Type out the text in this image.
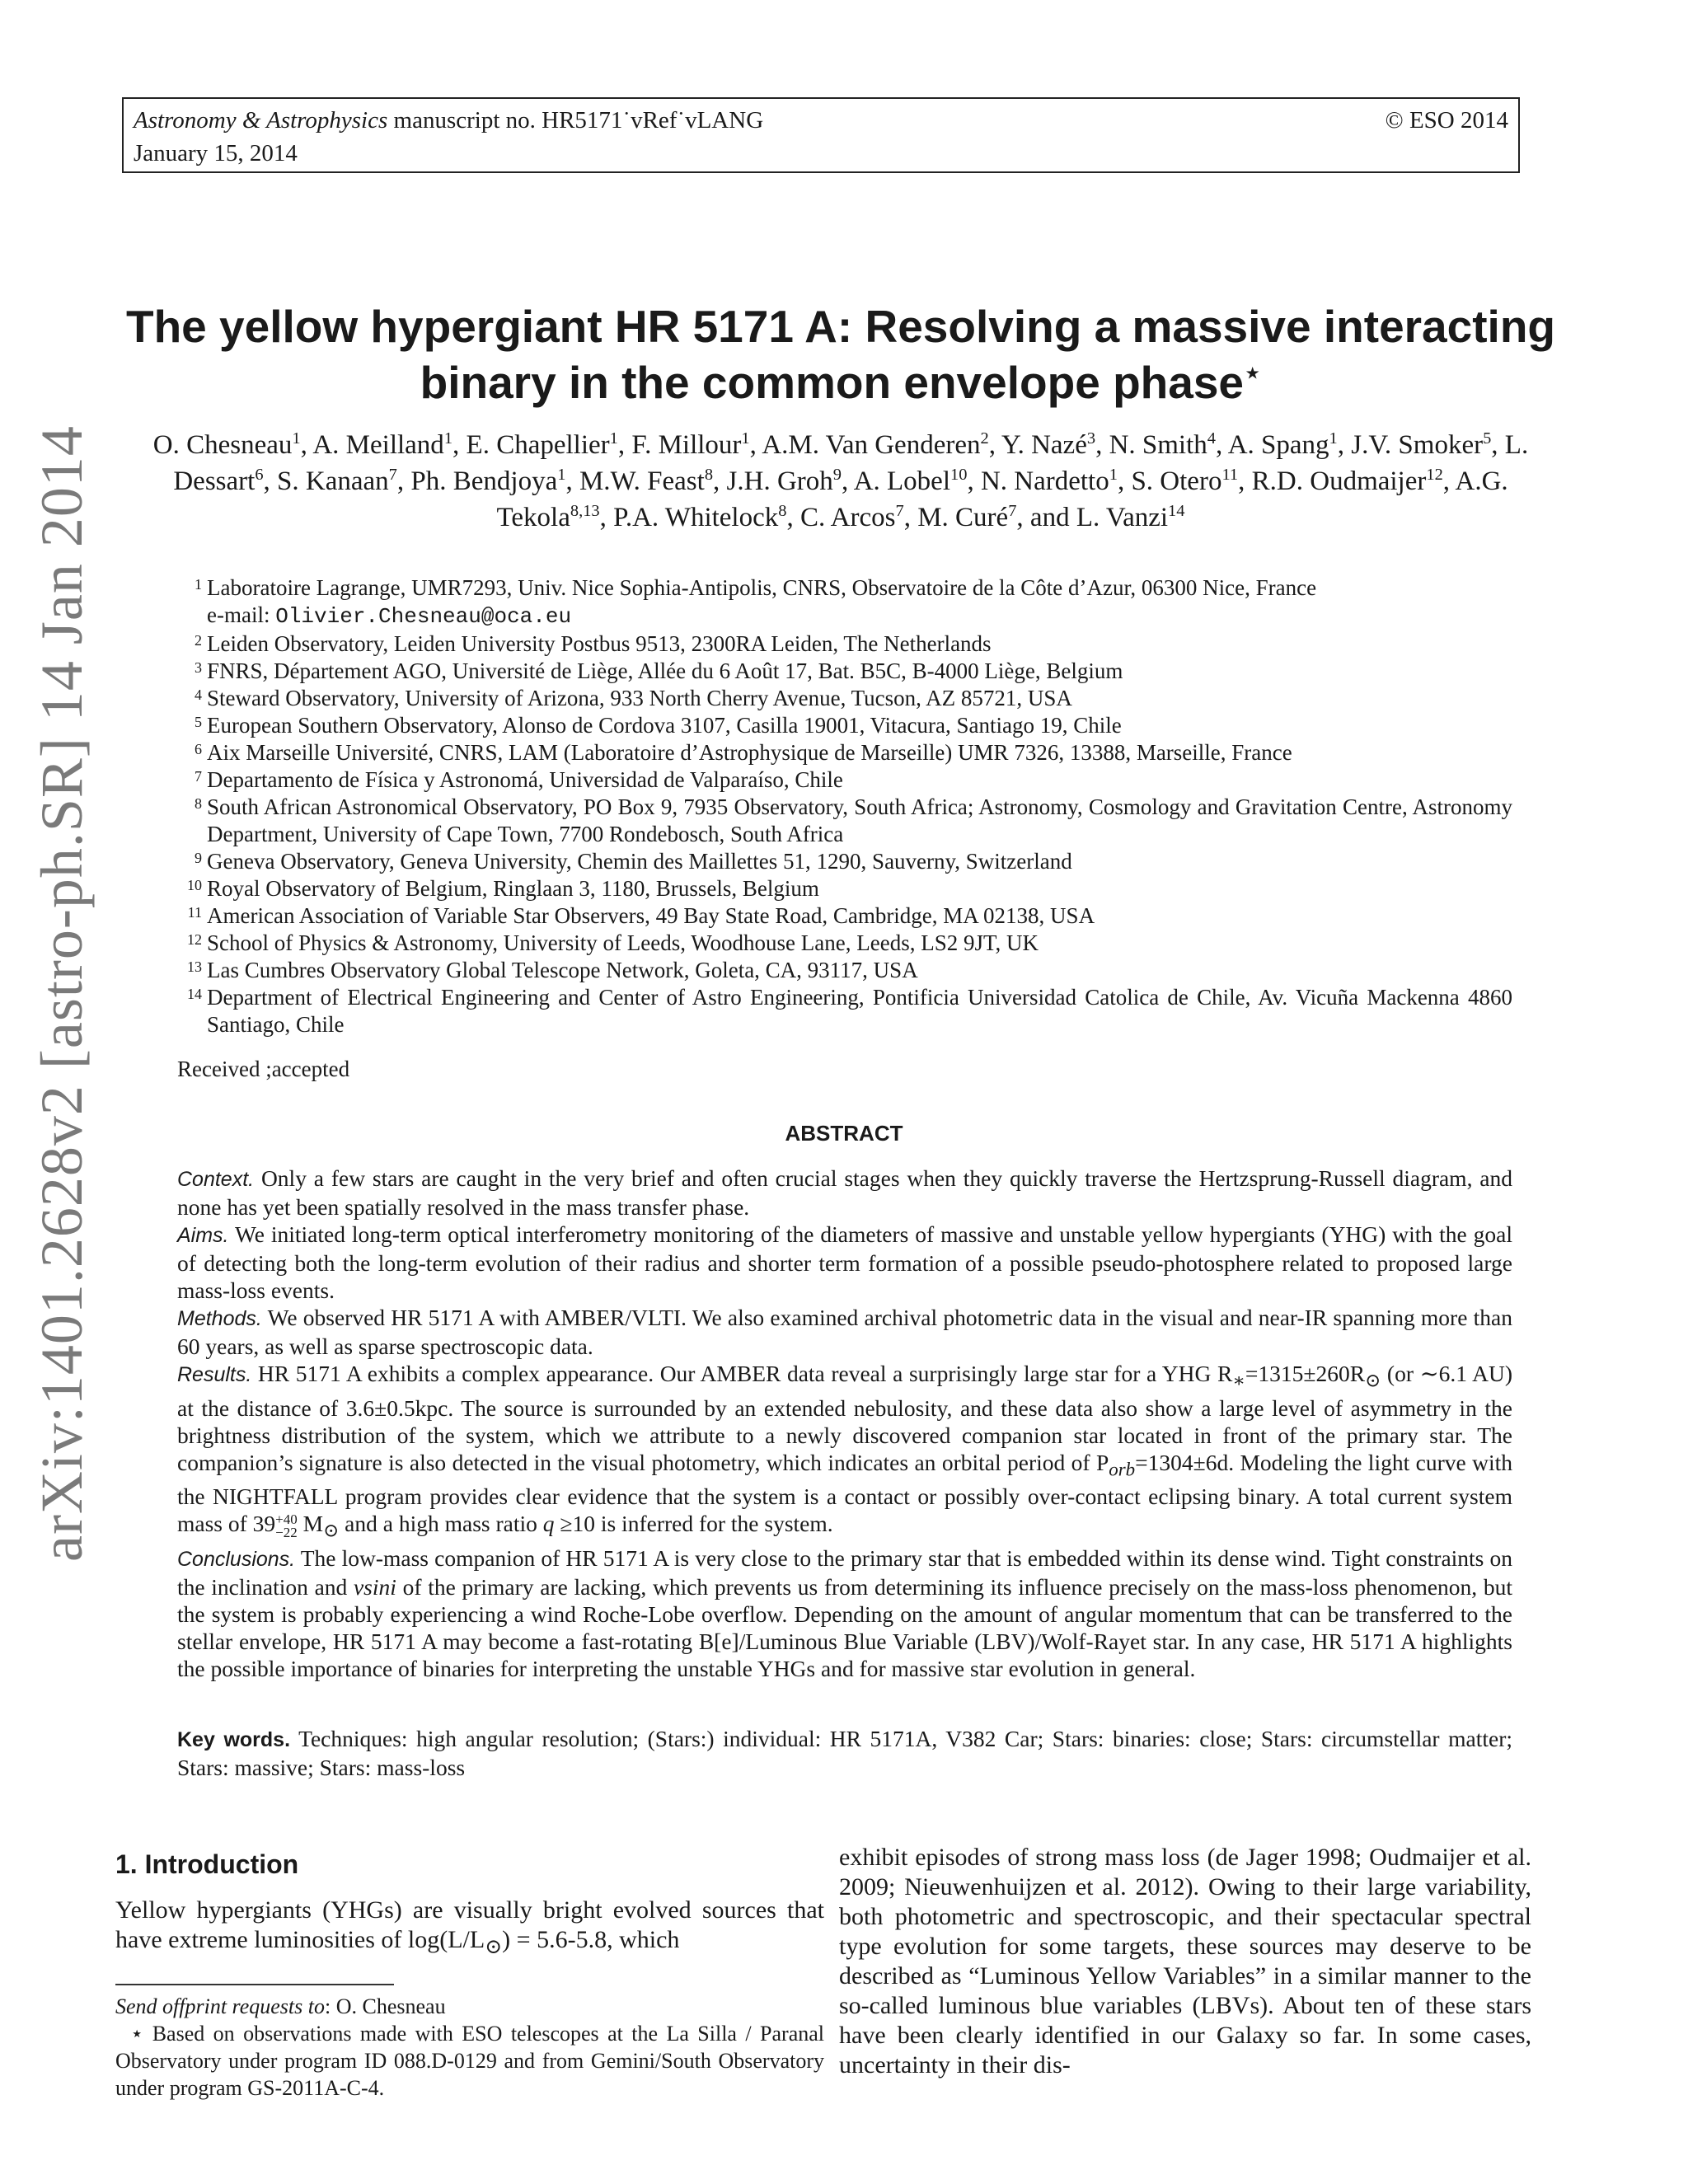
Astronomy & Astrophysics manuscript no. HR5171˙vRef˙vLANG
January 15, 2014
© ESO 2014
arXiv:1401.2628v2 [astro-ph.SR] 14 Jan 2014
The yellow hypergiant HR 5171 A: Resolving a massive interacting
binary in the common envelope phase⋆
O. Chesneau$^1$, A. Meilland$^1$, E. Chapellier$^1$, F. Millour$^1$, A.M. Van Genderen$^2$, Y. Nazé$^3$, N. Smith$^4$, A. Spang$^1$, J.V. Smoker$^5$, L. Dessart$^6$, S. Kanaan$^7$, Ph. Bendjoya$^1$, M.W. Feast$^8$, J.H. Groh$^9$, A. Lobel$^{10}$, N. Nardetto$^1$, S. Otero$^{11}$, R.D. Oudmaijer$^{12}$, A.G. Tekola$^{8,13}$, P.A. Whitelock$^8$, C. Arcos$^7$, M. Curé$^7$, and L. Vanzi$^{14}$
1 Laboratoire Lagrange, UMR7293, Univ. Nice Sophia-Antipolis, CNRS, Observatoire de la Côte d’Azur, 06300 Nice, France
e-mail: Olivier.Chesneau@oca.eu
2 Leiden Observatory, Leiden University Postbus 9513, 2300RA Leiden, The Netherlands
3 FNRS, Département AGO, Université de Liège, Allée du 6 Août 17, Bat. B5C, B-4000 Liège, Belgium
4 Steward Observatory, University of Arizona, 933 North Cherry Avenue, Tucson, AZ 85721, USA
5 European Southern Observatory, Alonso de Cordova 3107, Casilla 19001, Vitacura, Santiago 19, Chile
6 Aix Marseille Université, CNRS, LAM (Laboratoire d’Astrophysique de Marseille) UMR 7326, 13388, Marseille, France
7 Departamento de Física y Astronomá, Universidad de Valparaíso, Chile
8 South African Astronomical Observatory, PO Box 9, 7935 Observatory, South Africa; Astronomy, Cosmology and Gravitation Centre, Astronomy Department, University of Cape Town, 7700 Rondebosch, South Africa
9 Geneva Observatory, Geneva University, Chemin des Maillettes 51, 1290, Sauverny, Switzerland
10 Royal Observatory of Belgium, Ringlaan 3, 1180, Brussels, Belgium
11 American Association of Variable Star Observers, 49 Bay State Road, Cambridge, MA 02138, USA
12 School of Physics & Astronomy, University of Leeds, Woodhouse Lane, Leeds, LS2 9JT, UK
13 Las Cumbres Observatory Global Telescope Network, Goleta, CA, 93117, USA
14 Department of Electrical Engineering and Center of Astro Engineering, Pontificia Universidad Catolica de Chile, Av. Vicuña Mackenna 4860 Santiago, Chile
Received ;accepted
ABSTRACT
Context. Only a few stars are caught in the very brief and often crucial stages when they quickly traverse the Hertzsprung-Russell diagram, and none has yet been spatially resolved in the mass transfer phase.
Aims. We initiated long-term optical interferometry monitoring of the diameters of massive and unstable yellow hypergiants (YHG) with the goal of detecting both the long-term evolution of their radius and shorter term formation of a possible pseudo-photosphere related to proposed large mass-loss events.
Methods. We observed HR 5171 A with AMBER/VLTI. We also examined archival photometric data in the visual and near-IR spanning more than 60 years, as well as sparse spectroscopic data.
Results. HR 5171 A exhibits a complex appearance. Our AMBER data reveal a surprisingly large star for a YHG $R_∗=1315\pm 260R_⊙$ (or ∼6.1 AU) at the distance of 3.6±0.5kpc. The source is surrounded by an extended nebulosity, and these data also show a large level of asymmetry in the brightness distribution of the system, which we attribute to a newly discovered companion star located in front of the primary star. The companion’s signature is also detected in the visual photometry, which indicates an orbital period of $P_{orb}=1304\pm 6d$. Modeling the light curve with the NIGHTFALL program provides clear evidence that the system is a contact or possibly over-contact eclipsing binary. A total current system mass of 39 +40
−22 $M_⊙$ and a high mass ratio q ≥10 is inferred for the system.
Conclusions. The low-mass companion of HR 5171 A is very close to the primary star that is embedded within its dense wind. Tight constraints on the inclination and vsini of the primary are lacking, which prevents us from determining its influence precisely on the mass-loss phenomenon, but the system is probably experiencing a wind Roche-Lobe overflow. Depending on the amount of angular momentum that can be transferred to the stellar envelope, HR 5171 A may become a fast-rotating B[e]/Luminous Blue Variable (LBV)/Wolf-Rayet star. In any case, HR 5171 A highlights the possible importance of binaries for interpreting the unstable YHGs and for massive star evolution in general.
Key words. Techniques: high angular resolution; (Stars:) individual: HR 5171A, V382 Car; Stars: binaries: close; Stars: circumstellar matter; Stars: massive; Stars: mass-loss
1. Introduction
Yellow hypergiants (YHGs) are visually bright evolved sources that have extreme luminosities of $\log(L/L_⊙) = 5.6-5.8$, which
Send offprint requests to: O. Chesneau
⋆ Based on observations made with ESO telescopes at the La Silla / Paranal Observatory under program ID 088.D-0129 and from Gemini/South Observatory under program GS-2011A-C-4.
exhibit episodes of strong mass loss (de Jager 1998; Oudmaijer et al. 2009; Nieuwenhuijzen et al. 2012). Owing to their large variability, both photometric and spectroscopic, and their spectacular spectral type evolution for some targets, these sources may deserve to be described as “Luminous Yellow Variables” in a similar manner to the so-called luminous blue variables (LBVs). About ten of these stars have been clearly identified in our Galaxy so far. In some cases, uncertainty in their dis-
